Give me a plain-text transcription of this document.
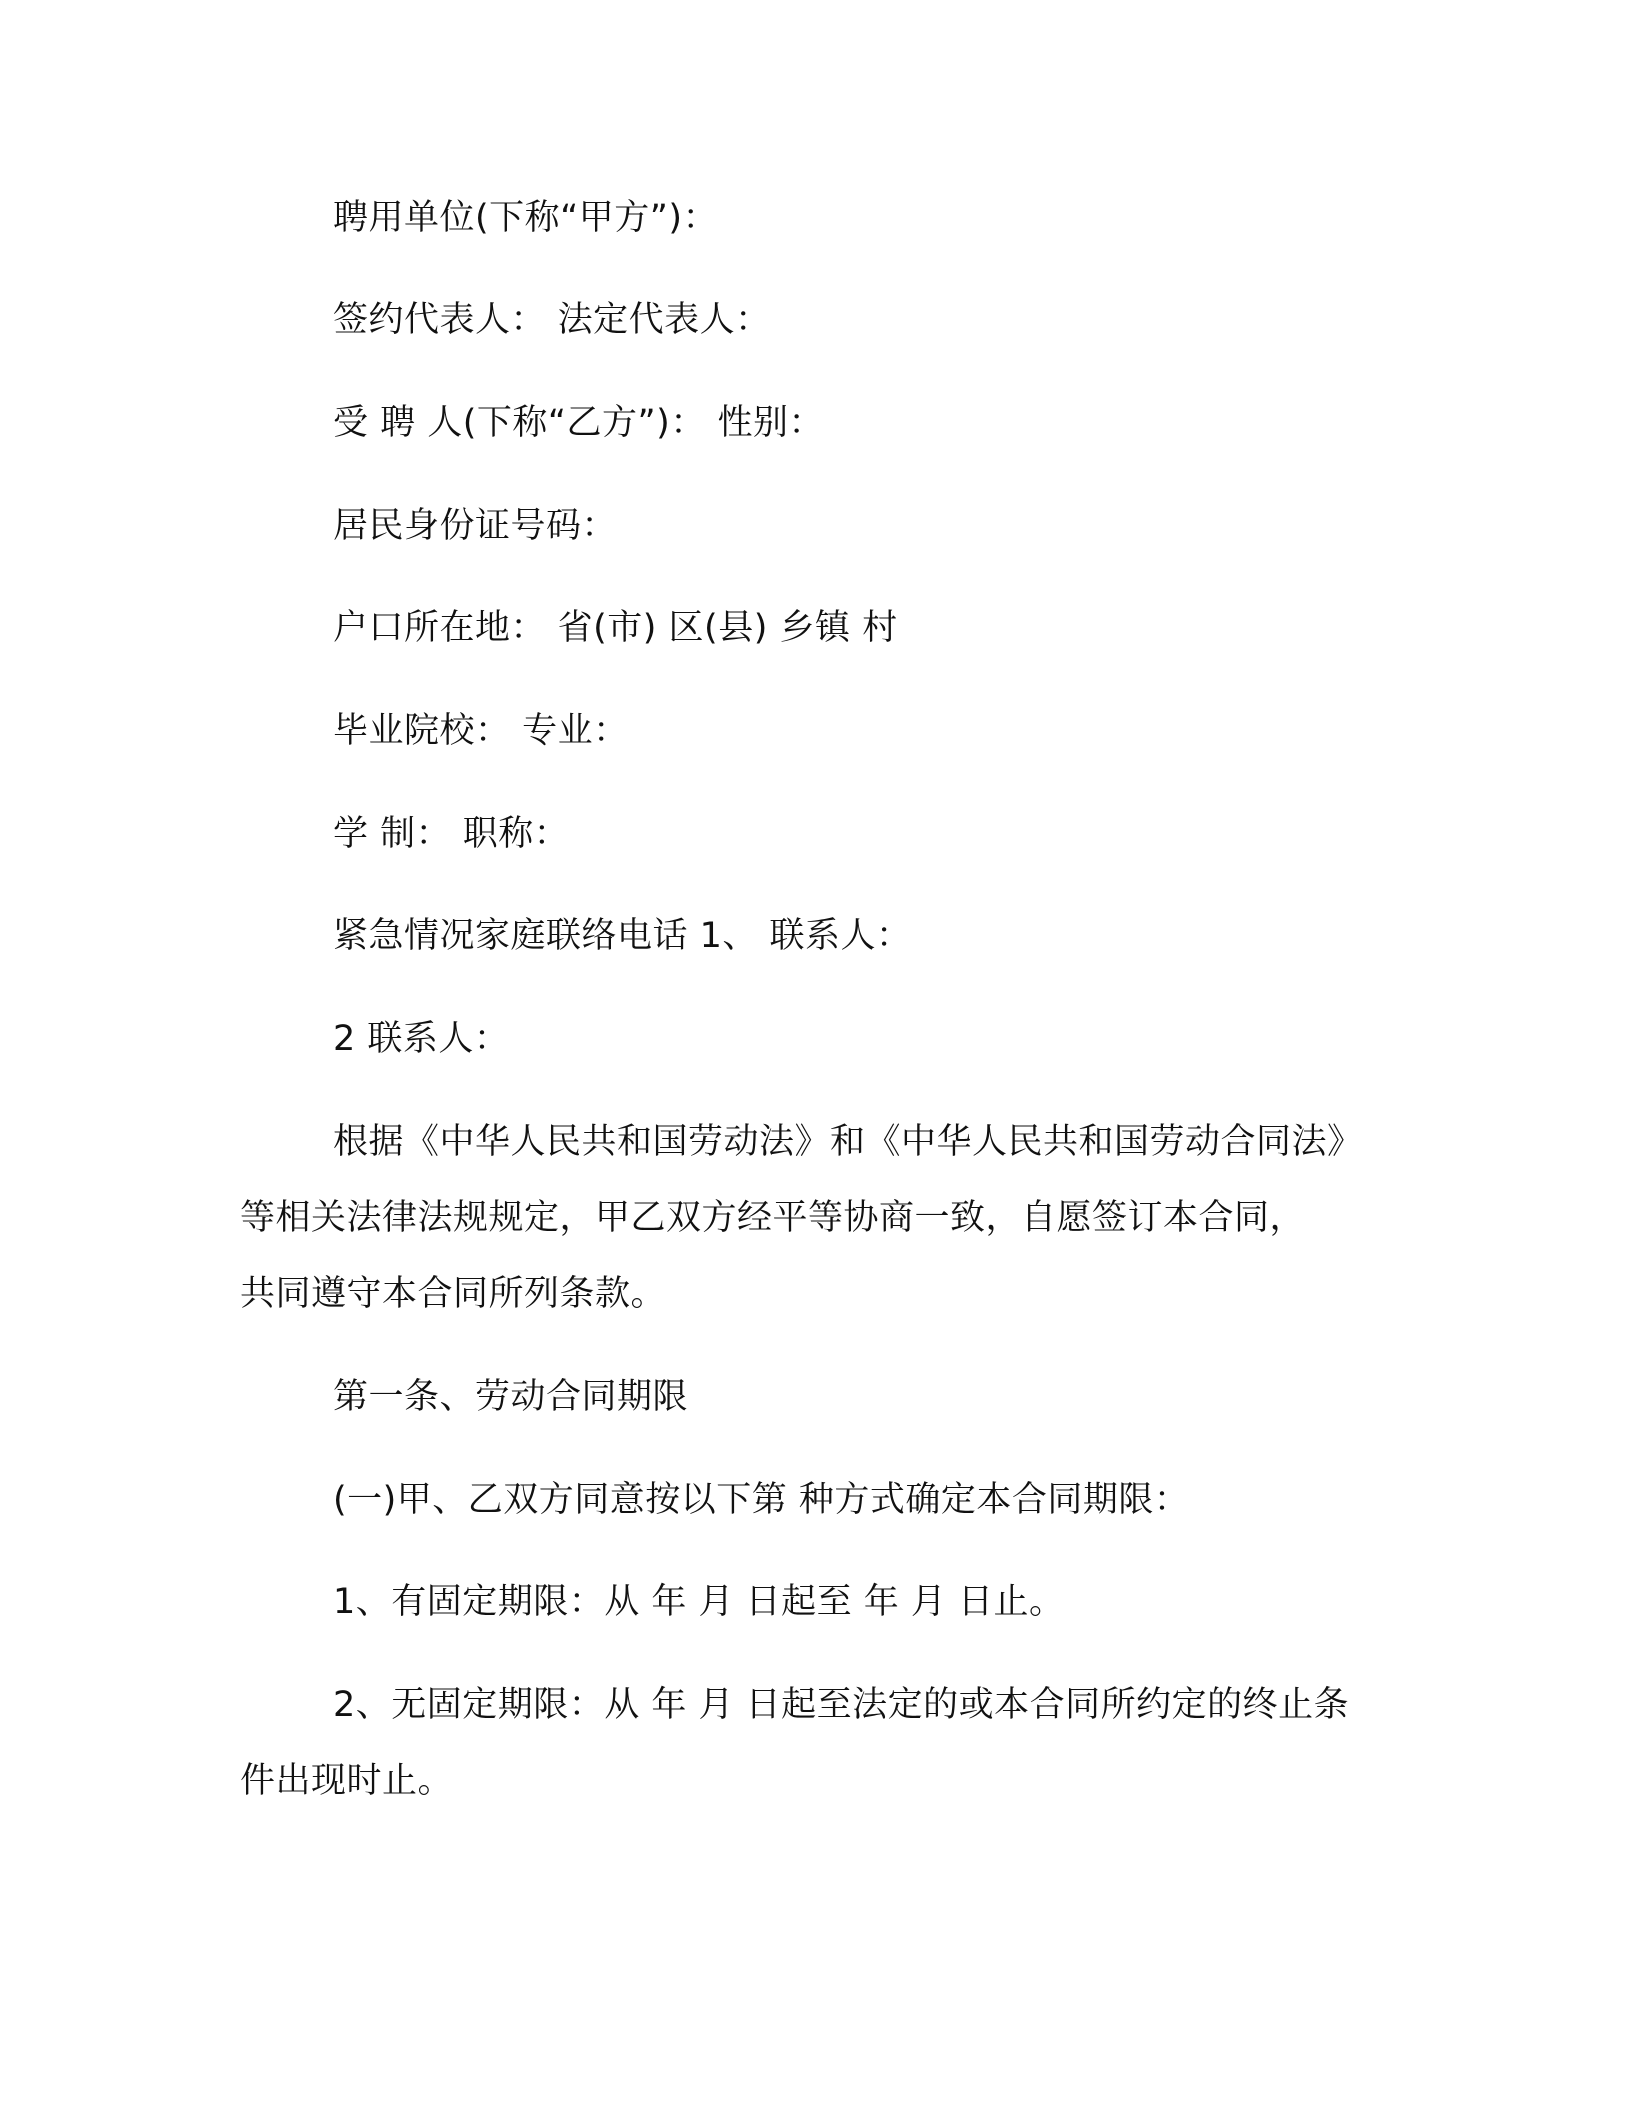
聘用单位(下称“甲方”)：

签约代表人： 法定代表人：

受 聘 人(下称“乙方”)： 性别：

居民身份证号码：

户口所在地： 省(市) 区(县) 乡镇 村

毕业院校： 专业：

学 制： 职称：

紧急情况家庭联络电话 1、 联系人：

2 联系人：

根据《中华人民共和国劳动法》和《中华人民共和国劳动合同法》

等相关法律法规规定，甲乙双方经平等协商一致，自愿签订本合同，

共同遵守本合同所列条款。

第一条、劳动合同期限

(一)甲、乙双方同意按以下第 种方式确定本合同期限：

1、有固定期限：从 年 月 日起至 年 月 日止。

2、无固定期限：从 年 月 日起至法定的或本合同所约定的终止条

件出现时止。
